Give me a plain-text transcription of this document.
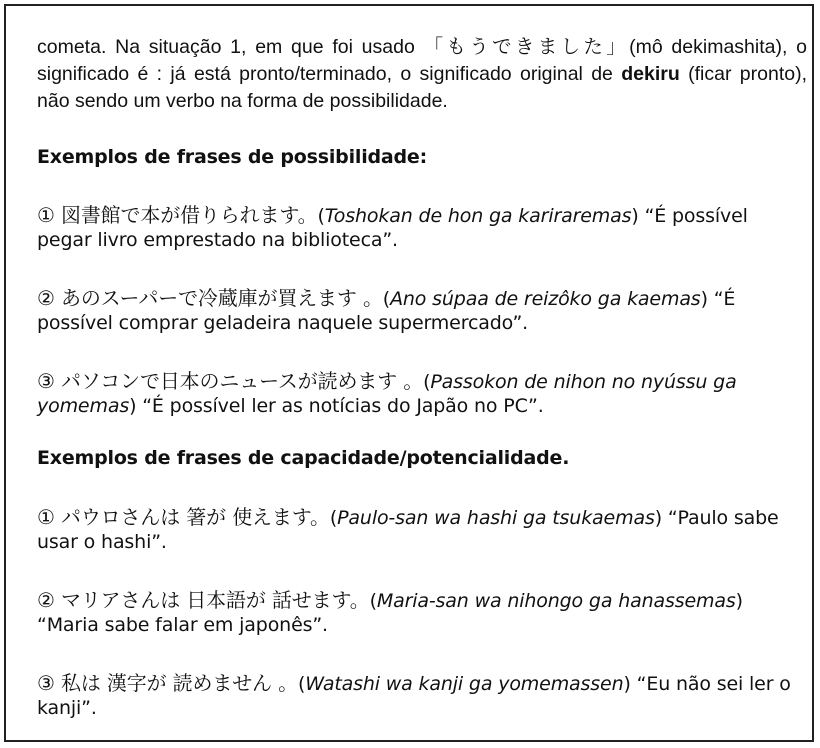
cometa. Na situação 1, em que foi usado 「もうできました」(mô dekimashita), o significado é : já está pronto/terminado, o significado original de dekiru (ficar pronto), não sendo um verbo na forma de possibilidade.

Exemplos de frases de possibilidade:

① 図書館で本が借りられます。(Toshokan de hon ga kariraremas) “É possível pegar livro emprestado na biblioteca”.

② あのスーパーで冷蔵庫が買えます 。(Ano súpaa de reizôko ga kaemas) “É possível comprar geladeira naquele supermercado”.

③ パソコンで日本のニュースが読めます 。(Passokon de nihon no nyússu ga yomemas) “É possível ler as notícias do Japão no PC”.

Exemplos de frases de capacidade/potencialidade.

① パウロさんは 箸が 使えます。(Paulo-san wa hashi ga tsukaemas) “Paulo sabe usar o hashi”.

② マリアさんは 日本語が 話せます。(Maria-san wa nihongo ga hanassemas) “Maria sabe falar em japonês”.

③ 私は 漢字が 読めません 。(Watashi wa kanji ga yomemassen) “Eu não sei ler o kanji”.
